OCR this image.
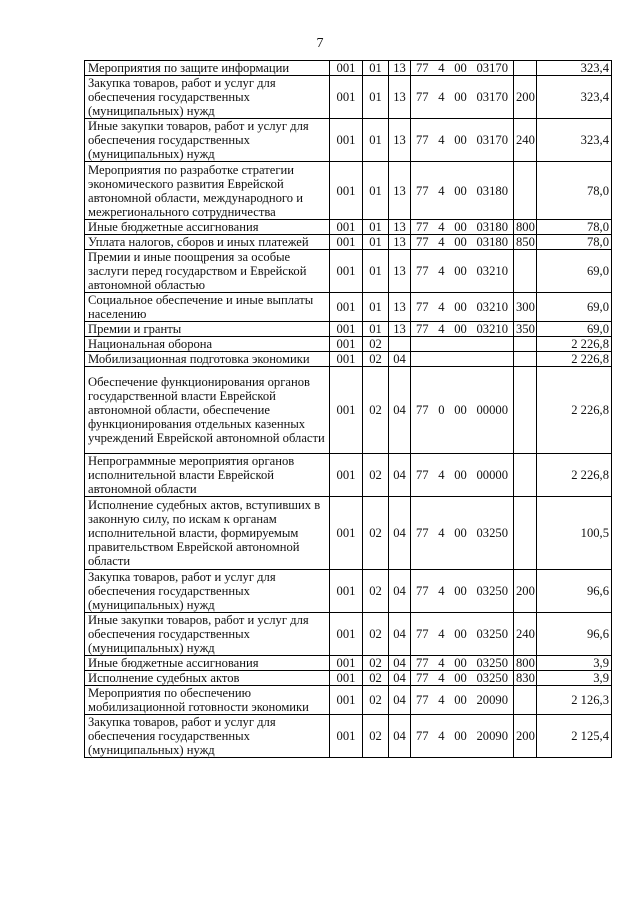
7
Мероприятия по защите информации	001	01	13	77 4 00 03170		323,4
Закупка товаров, работ и услуг для обеспечения государственных (муниципальных) нужд	001	01	13	77 4 00 03170	200	323,4
Иные закупки товаров, работ и услуг для обеспечения государственных (муниципальных) нужд	001	01	13	77 4 00 03170	240	323,4
Мероприятия по разработке стратегии экономического развития Еврейской автономной области, международного и межрегионального сотрудничества	001	01	13	77 4 00 03180		78,0
Иные бюджетные ассигнования	001	01	13	77 4 00 03180	800	78,0
Уплата налогов, сборов и иных платежей	001	01	13	77 4 00 03180	850	78,0
Премии и иные поощрения за особые заслуги перед государством и Еврейской автономной областью	001	01	13	77 4 00 03210		69,0
Социальное обеспечение и иные выплаты населению	001	01	13	77 4 00 03210	300	69,0
Премии и гранты	001	01	13	77 4 00 03210	350	69,0
Национальная оборона	001	02				2 226,8
Мобилизационная подготовка экономики	001	02	04			2 226,8
Обеспечение функционирования органов государственной власти Еврейской автономной области, обеспечение функционирования отдельных казенных учреждений Еврейской автономной области	001	02	04	77 0 00 00000		2 226,8
Непрограммные мероприятия органов исполнительной власти Еврейской автономной области	001	02	04	77 4 00 00000		2 226,8
Исполнение судебных актов, вступивших в законную силу, по искам к органам исполнительной власти, формируемым правительством Еврейской автономной области	001	02	04	77 4 00 03250		100,5
Закупка товаров, работ и услуг для обеспечения государственных (муниципальных) нужд	001	02	04	77 4 00 03250	200	96,6
Иные закупки товаров, работ и услуг для обеспечения государственных (муниципальных) нужд	001	02	04	77 4 00 03250	240	96,6
Иные бюджетные ассигнования	001	02	04	77 4 00 03250	800	3,9
Исполнение судебных актов	001	02	04	77 4 00 03250	830	3,9
Мероприятия по обеспечению мобилизационной готовности экономики	001	02	04	77 4 00 20090		2 126,3
Закупка товаров, работ и услуг для обеспечения государственных (муниципальных) нужд	001	02	04	77 4 00 20090	200	2 125,4
